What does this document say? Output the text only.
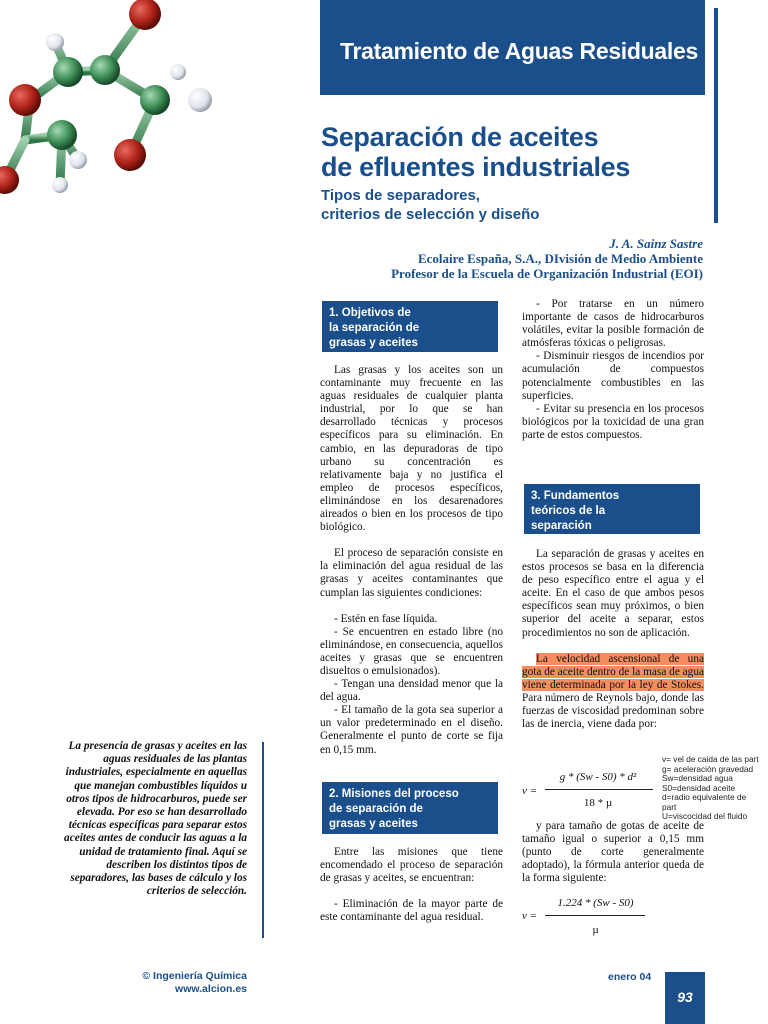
Tratamiento de Aguas Residuales
Separación de aceites
de efluentes industriales
Tipos de separadores,
criterios de selección y diseño
J. A. Sainz Sastre
Ecolaire España, S.A., DIvisión de Medio Ambiente
Profesor de la Escuela de Organización Industrial (EOI)
1. Objetivos de
la separación de
grasas y aceites

Las grasas y los aceites son un contaminante muy frecuente en las aguas residuales de cualquier planta industrial, por lo que se han desarrollado técnicas y procesos específicos para su eliminación. En cambio, en las depuradoras de tipo urbano su concentración es relativamente baja y no justifica el empleo de procesos específicos, eliminándose en los desarenadores aireados o bien en los procesos de tipo biológico.

El proceso de separación consiste en la eliminación del agua residual de las grasas y aceites contaminantes que cumplan las siguientes condiciones:

- Estén en fase líquida.

- Se encuentren en estado libre (no eliminándose, en consecuencia, aquellos aceites y grasas que se encuentren disueltos o emulsionados).

- Tengan una densidad menor que la del agua.

- El tamaño de la gota sea superior a un valor predeterminado en el diseño. Generalmente el punto de corte se fija en 0,15 mm.

2. Misiones del proceso
de separación de
grasas y aceites

Entre las misiones que tiene encomendado el proceso de separación de grasas y aceites, se encuentran:

- Eliminación de la mayor parte de este contaminante del agua residual.

- Por tratarse en un número importante de casos de hidrocarburos volátiles, evitar la posible formación de atmósferas tóxicas o peligrosas.

- Disminuir riesgos de incendios por acumulación de compuestos potencialmente combustibles en las superficies.

- Evitar su presencia en los procesos biológicos por la toxicidad de una gran parte de estos compuestos.

3. Fundamentos
teóricos de la
separación

La separación de grasas y aceites en estos procesos se basa en la diferencia de peso específico entre el agua y el aceite. En el caso de que ambos pesos específicos sean muy próximos, o bien superior del aceite a separar, estos procedimientos no son de aplicación.

La velocidad ascensional de una gota de aceite dentro de la masa de agua viene determinada por la ley de Stokes. Para número de Reynols bajo, donde las fuerzas de viscosidad predominan sobre las de inercia, viene dada por:

v =
g * (Sw - S0) * d²
18 * µ
v= vel de caida de las part
g= aceleración gravedad
Sw=densidad agua
S0=densidad aceite
d=radio equivalente de
part
U=viscocidad del fluido

y para tamaño de gotas de aceite de tamaño igual o superior a 0,15 mm (punto de corte generalmente adoptado), la fórmula anterior queda de la forma siguiente:

v =
1.224 * (Sw - S0)
µ
La presencia de grasas y aceites en las aguas residuales de las plantas industriales, especialmente en aquellas que manejan combustibles líquidos u otros tipos de hidrocarburos, puede ser elevada. Por eso se han desarrollado técnicas específicas para separar estos aceites antes de conducir las aguas a la unidad de tratamiento final. Aquí se describen los distintos tipos de separadores, las bases de cálculo y los criterios de selección.
© Ingeniería Química
www.alcion.es
enero 04
93
